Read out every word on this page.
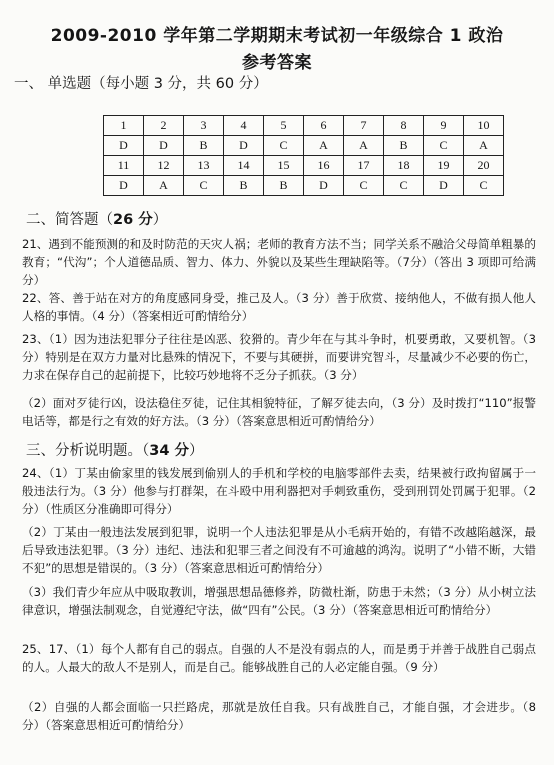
2009-2010 学年第二学期期末考试初一年级综合 1 政治
参考答案
一、 单选题（每小题 3 分，共 60 分）
1	2	3	4	5	6	7	8	9	10
D	D	B	D	C	A	A	B	C	A
11	12	13	14	15	16	17	18	19	20
D	A	C	B	B	D	C	C	D	C
二、简答题（26 分）
21、遇到不能预测的和及时防范的天灾人祸；老师的教育方法不当；同学关系不融洽父母简单粗暴的教育；“代沟”；个人道德品质、智力、体力、外貌以及某些生理缺陷等。（7分）（答出 3 项即可给满分）
22、答、善于站在对方的角度感同身受，推己及人。（3 分）善于欣赏、接纳他人，不做有损人他人人格的事情。（4 分）（答案相近可酌情给分）
23、（1）因为违法犯罪分子往往是凶恶、狡猾的。青少年在与其斗争时，机要勇敢，又要机智。（3 分）特别是在双方力量对比悬殊的情况下，不要与其硬拼，而要讲究智斗，尽量减少不必要的伤亡，力求在保存自己的起前提下，比较巧妙地将不乏分子抓获。（3 分）
（2）面对歹徒行凶，设法稳住歹徒，记住其相貌特征，了解歹徒去向，（3 分）及时拨打“110”报警电话等，都是行之有效的好方法。（3 分）（答案意思相近可酌情给分）
三、分析说明题。（34 分）
24、（1）丁某由偷家里的钱发展到偷别人的手机和学校的电脑零部件去卖，结果被行政拘留属于一般违法行为。（3 分）他参与打群架，在斗殴中用利器把对手刺致重伤，受到刑罚处罚属于犯罪。（2 分）（性质区分准确即可得分）
（2）丁某由一般违法发展到犯罪，说明一个人违法犯罪是从小毛病开始的，有错不改越陷越深，最后导致违法犯罪。（3 分）违纪、违法和犯罪三者之间没有不可逾越的鸿沟。说明了“小错不断，大错不犯”的思想是错误的。（3 分）（答案意思相近可酌情给分）
（3）我们青少年应从中吸取教训，增强思想品德修养，防微杜渐，防患于未然；（3 分）从小树立法律意识，增强法制观念，自觉遵纪守法，做“四有”公民。（3 分）（答案意思相近可酌情给分）
25、17、（1）每个人都有自己的弱点。自强的人不是没有弱点的人，而是勇于并善于战胜自己弱点的人。人最大的敌人不是别人，而是自己。能够战胜自己的人必定能自强。（9 分）
（2）自强的人都会面临一只拦路虎，那就是放任自我。只有战胜自己，才能自强，才会进步。（8 分）（答案意思相近可酌情给分）
